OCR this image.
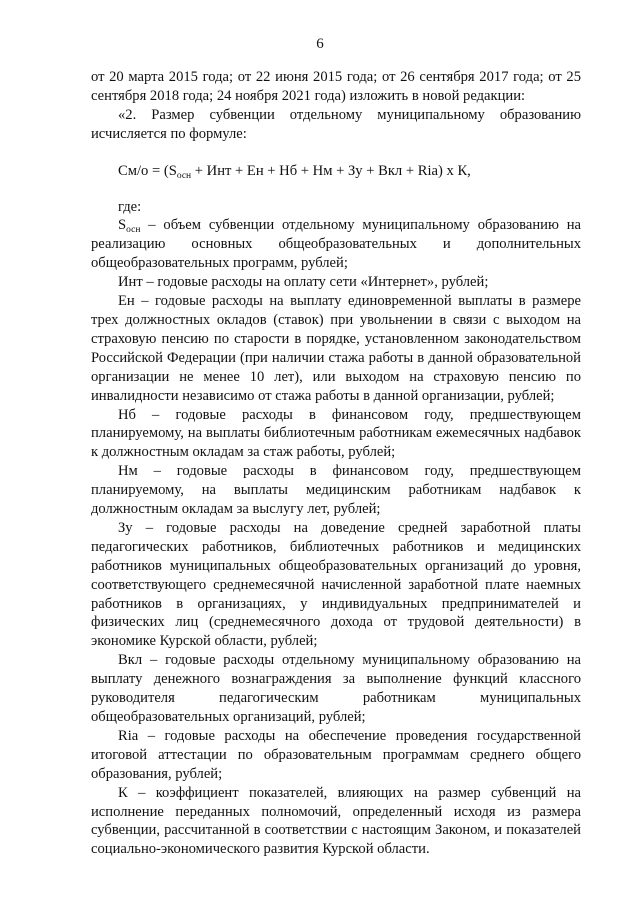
6

от 20 марта 2015 года; от 22 июня 2015 года; от 26 сентября 2017 года; от 25 сентября 2018 года; 24 ноября 2021 года) изложить в новой редакции:

«2. Размер субвенции отдельному муниципальному образованию исчисляется по формуле:

$См/о = (S_{осн}$ + Инт + Ен + Нб + Нм + Зу + Вкл + Riа) х К,

где:

$S_{осн}$ – объем субвенции отдельному муниципальному образованию на реализацию основных общеобразовательных и дополнительных общеобразовательных программ, рублей;

Инт – годовые расходы на оплату сети «Интернет», рублей;

Ен – годовые расходы на выплату единовременной выплаты в размере трех должностных окладов (ставок) при увольнении в связи с выходом на страховую пенсию по старости в порядке, установленном законодательством Российской Федерации (при наличии стажа работы в данной образовательной организации не менее 10 лет), или выходом на страховую пенсию по инвалидности независимо от стажа работы в данной организации, рублей;

Нб – годовые расходы в финансовом году, предшествующем планируемому, на выплаты библиотечным работникам ежемесячных надбавок к должностным окладам за стаж работы, рублей;

Нм – годовые расходы в финансовом году, предшествующем планируемому, на выплаты медицинским работникам надбавок к должностным окладам за выслугу лет, рублей;

Зу – годовые расходы на доведение средней заработной платы педагогических работников, библиотечных работников и медицинских работников муниципальных общеобразовательных организаций до уровня, соответствующего среднемесячной начисленной заработной плате наемных работников в организациях, у индивидуальных предпринимателей и физических лиц (среднемесячного дохода от трудовой деятельности) в экономике Курской области, рублей;

Вкл – годовые расходы отдельному муниципальному образованию на выплату денежного вознаграждения за выполнение функций классного руководителя педагогическим работникам муниципальных общеобразовательных организаций, рублей;

Riа – годовые расходы на обеспечение проведения государственной итоговой аттестации по образовательным программам среднего общего образования, рублей;

К – коэффициент показателей, влияющих на размер субвенций на исполнение переданных полномочий, определенный исходя из размера субвенции, рассчитанной в соответствии с настоящим Законом, и показателей социально-экономического развития Курской области.
